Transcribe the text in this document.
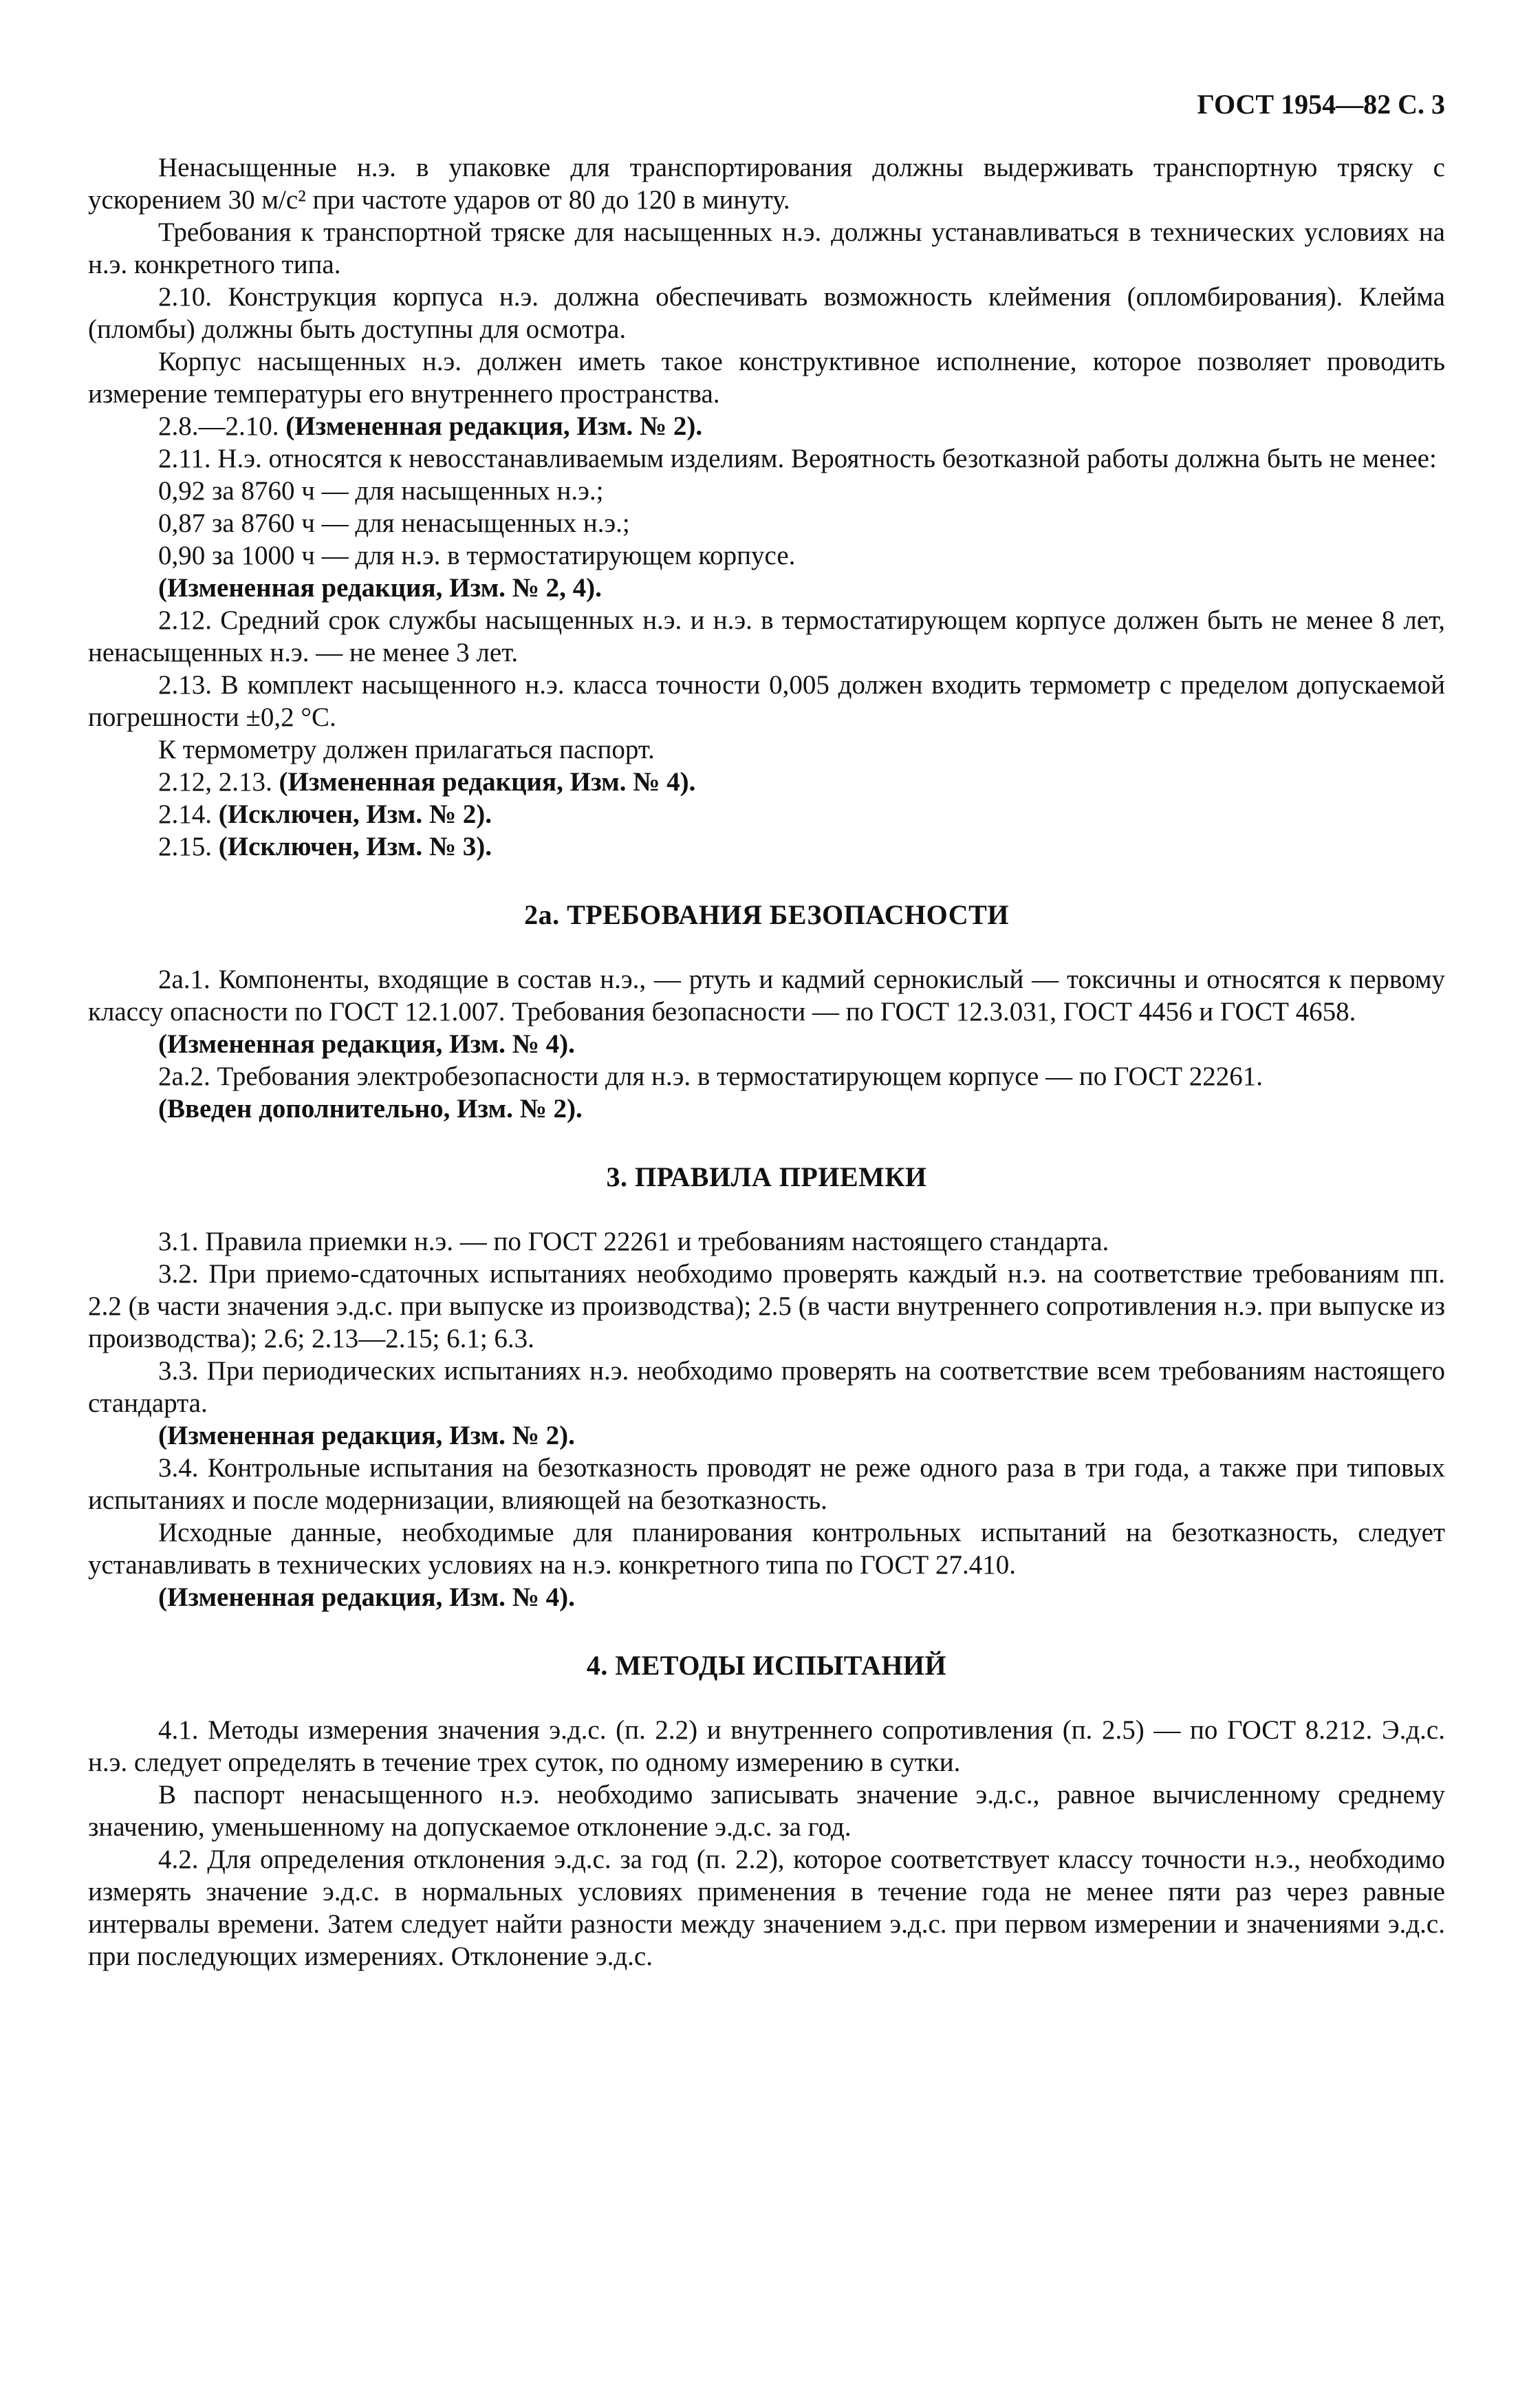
ГОСТ 1954—82 С. 3

Ненасыщенные н.э. в упаковке для транспортирования должны выдерживать транспортную тряску с ускорением 30 м/с² при частоте ударов от 80 до 120 в минуту.

Требования к транспортной тряске для насыщенных н.э. должны устанавливаться в технических условиях на н.э. конкретного типа.

2.10. Конструкция корпуса н.э. должна обеспечивать возможность клеймения (опломбирования). Клейма (пломбы) должны быть доступны для осмотра.

Корпус насыщенных н.э. должен иметь такое конструктивное исполнение, которое позволяет проводить измерение температуры его внутреннего пространства.

2.8.—2.10. (Измененная редакция, Изм. № 2).

2.11. Н.э. относятся к невосстанавливаемым изделиям. Вероятность безотказной работы должна быть не менее:

0,92 за 8760 ч — для насыщенных н.э.;

0,87 за 8760 ч — для ненасыщенных н.э.;

0,90 за 1000 ч — для н.э. в термостатирующем корпусе.

(Измененная редакция, Изм. № 2, 4).

2.12. Средний срок службы насыщенных н.э. и н.э. в термостатирующем корпусе должен быть не менее 8 лет, ненасыщенных н.э. — не менее 3 лет.

2.13. В комплект насыщенного н.э. класса точности 0,005 должен входить термометр с пределом допускаемой погрешности ±0,2 °С.

К термометру должен прилагаться паспорт.

2.12, 2.13. (Измененная редакция, Изм. № 4).

2.14. (Исключен, Изм. № 2).

2.15. (Исключен, Изм. № 3).

2а. ТРЕБОВАНИЯ БЕЗОПАСНОСТИ

2а.1. Компоненты, входящие в состав н.э., — ртуть и кадмий сернокислый — токсичны и относятся к первому классу опасности по ГОСТ 12.1.007. Требования безопасности — по ГОСТ 12.3.031, ГОСТ 4456 и ГОСТ 4658.

(Измененная редакция, Изм. № 4).

2а.2. Требования электробезопасности для н.э. в термостатирующем корпусе — по ГОСТ 22261.

(Введен дополнительно, Изм. № 2).

3. ПРАВИЛА ПРИЕМКИ

3.1. Правила приемки н.э. — по ГОСТ 22261 и требованиям настоящего стандарта.

3.2. При приемо-сдаточных испытаниях необходимо проверять каждый н.э. на соответствие требованиям пп. 2.2 (в части значения э.д.с. при выпуске из производства); 2.5 (в части внутреннего сопротивления н.э. при выпуске из производства); 2.6; 2.13—2.15; 6.1; 6.3.

3.3. При периодических испытаниях н.э. необходимо проверять на соответствие всем требованиям настоящего стандарта.

(Измененная редакция, Изм. № 2).

3.4. Контрольные испытания на безотказность проводят не реже одного раза в три года, а также при типовых испытаниях и после модернизации, влияющей на безотказность.

Исходные данные, необходимые для планирования контрольных испытаний на безотказность, следует устанавливать в технических условиях на н.э. конкретного типа по ГОСТ 27.410.

(Измененная редакция, Изм. № 4).

4. МЕТОДЫ ИСПЫТАНИЙ

4.1. Методы измерения значения э.д.с. (п. 2.2) и внутреннего сопротивления (п. 2.5) — по ГОСТ 8.212. Э.д.с. н.э. следует определять в течение трех суток, по одному измерению в сутки.

В паспорт ненасыщенного н.э. необходимо записывать значение э.д.с., равное вычисленному среднему значению, уменьшенному на допускаемое отклонение э.д.с. за год.

4.2. Для определения отклонения э.д.с. за год (п. 2.2), которое соответствует классу точности н.э., необходимо измерять значение э.д.с. в нормальных условиях применения в течение года не менее пяти раз через равные интервалы времени. Затем следует найти разности между значением э.д.с. при первом измерении и значениями э.д.с. при последующих измерениях. Отклонение э.д.с.
